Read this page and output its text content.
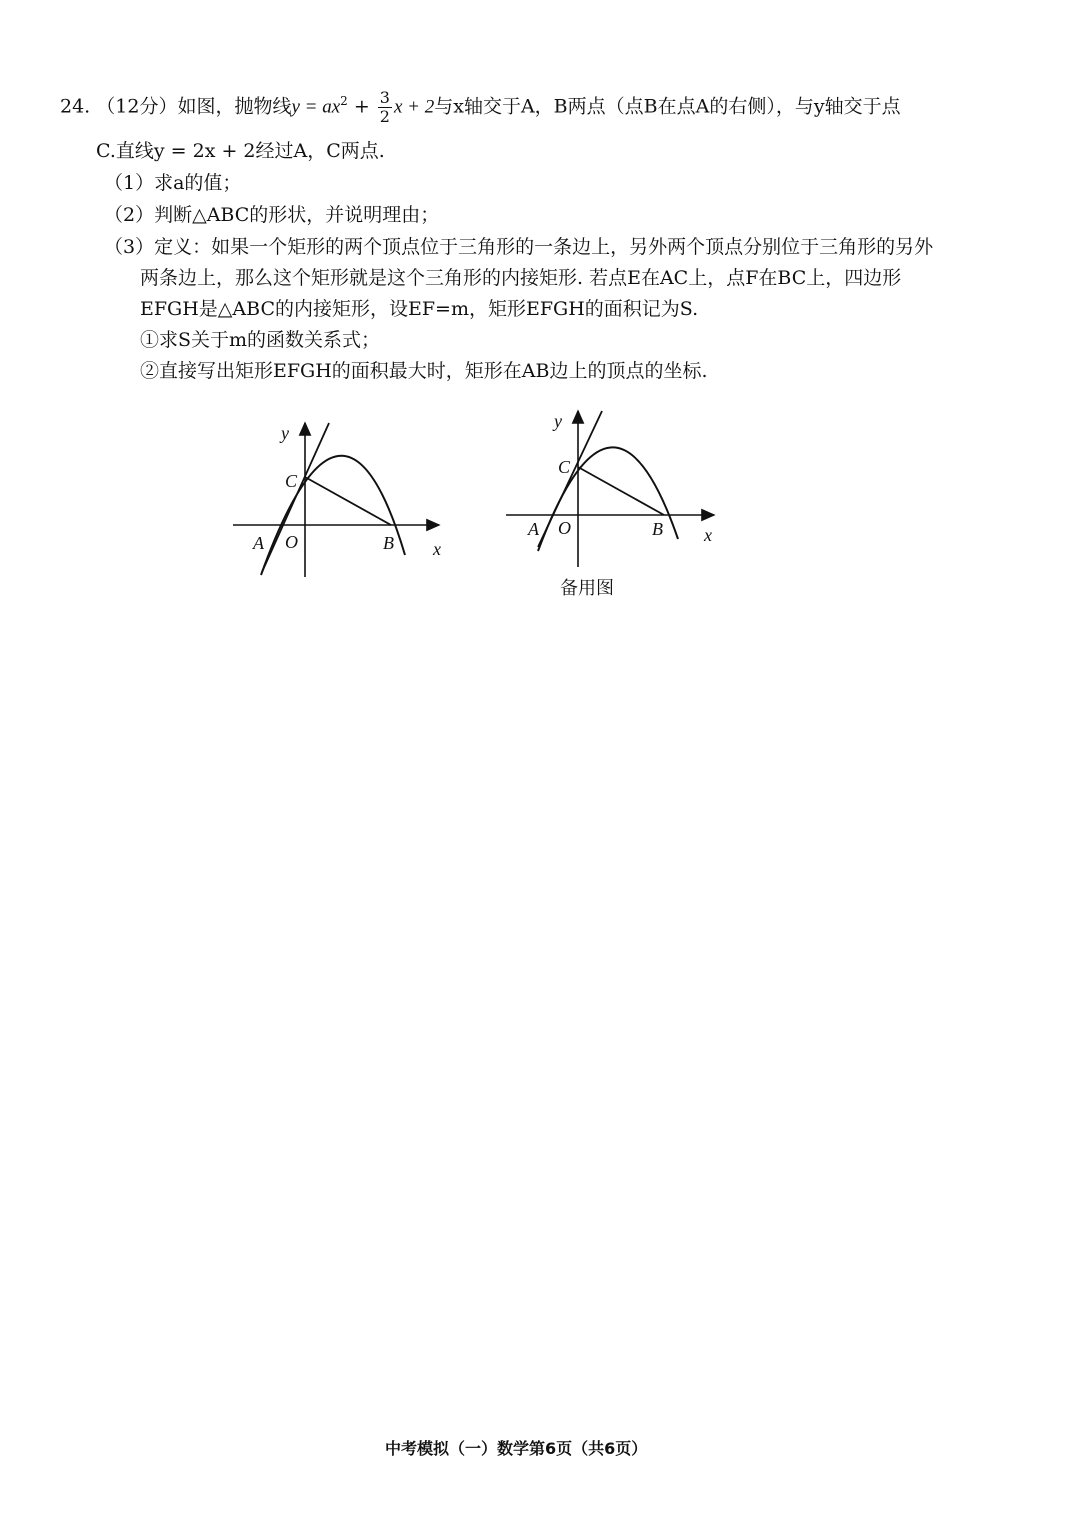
24. （12分）如图，抛物线$y = ax^2 + \frac{3}{2}$ x + 2与x轴交于A，B两点（点B在点A的右侧），与y轴交于点
C.直线y = 2x + 2经过A，C两点.
（1）求a的值；
（2）判断△ABC的形状，并说明理由；
（3）定义：如果一个矩形的两个顶点位于三角形的一条边上，另外两个顶点分别位于三角形的另外
两条边上，那么这个矩形就是这个三角形的内接矩形. 若点E在AC上，点F在BC上，四边形
EFGH是△ABC的内接矩形，设EF=m，矩形EFGH的面积记为S.
①求S关于m的函数关系式；
②直接写出矩形EFGH的面积最大时，矩形在AB边上的顶点的坐标.
y
C
A O	B x
y
C
A O	B x
备用图
中考模拟（一）数学第6页（共6页）
